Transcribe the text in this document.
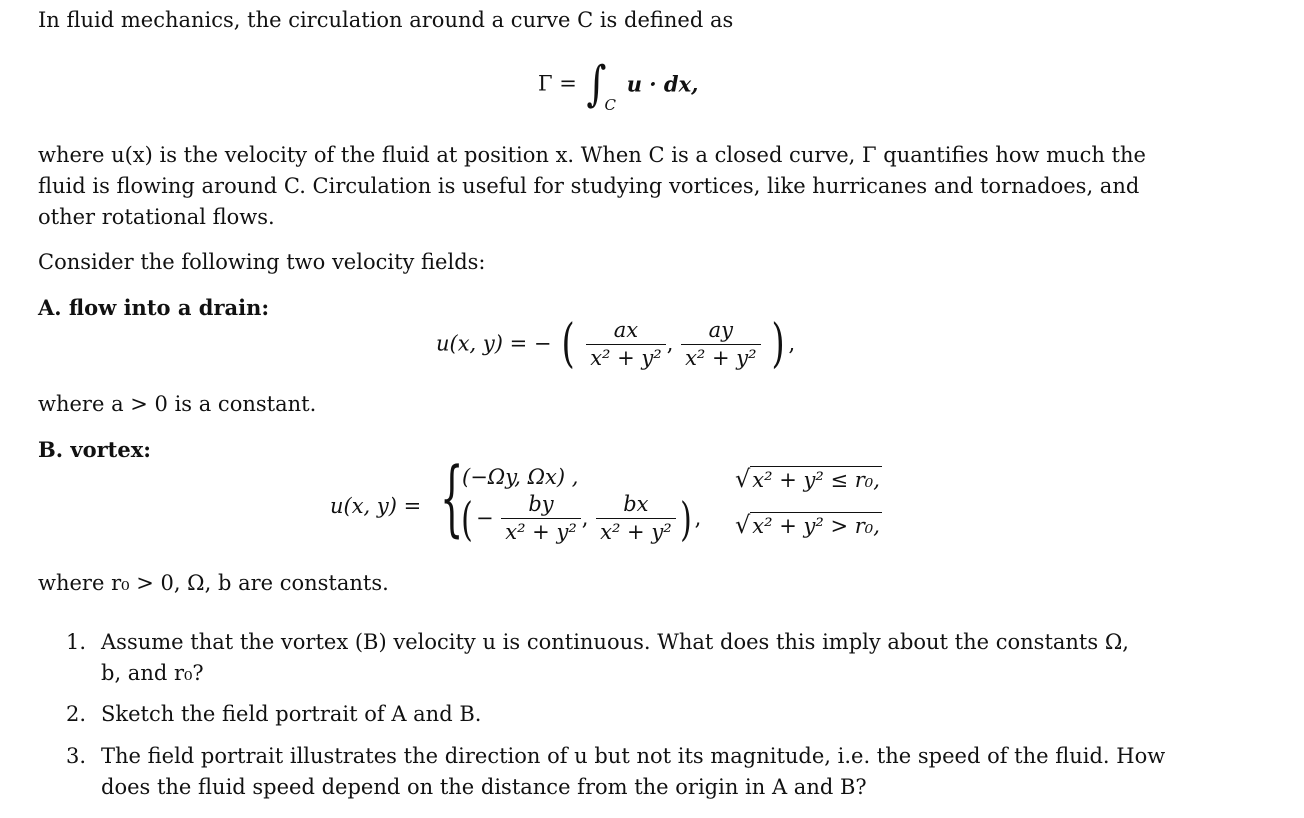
In fluid mechanics, the circulation around a curve C is defined as
$\Gamma = \int_C$ u · dx,
where u(x) is the velocity of the fluid at position x. When C is a closed curve, Γ quantifies how much the
fluid is flowing around C. Circulation is useful for studying vortices, like hurricanes and tornadoes, and
other rotational flows.
Consider the following two velocity fields:
A. flow into a drain:
u(x, y) = − ( $\frac{ax}{\text{x² + y²}}$ , $\frac{ay}{\text{x² + y²}}$ ) ,
where a > 0 is a constant.
B. vortex:
u(x, y) = {
(−Ωy, Ωx) ,	√x² + y² ≤ r₀,
( − $\frac{by}{\text{x² + y²}}$ , $\frac{bx}{\text{x² + y²}}$ ) , √x² + y² > r₀,
where r₀ > 0, Ω, b are constants.
1. Assume that the vortex (B) velocity u is continuous. What does this imply about the constants Ω,
b, and r₀?
2. Sketch the field portrait of A and B.
3. The field portrait illustrates the direction of u but not its magnitude, i.e. the speed of the fluid. How
does the fluid speed depend on the distance from the origin in A and B?
